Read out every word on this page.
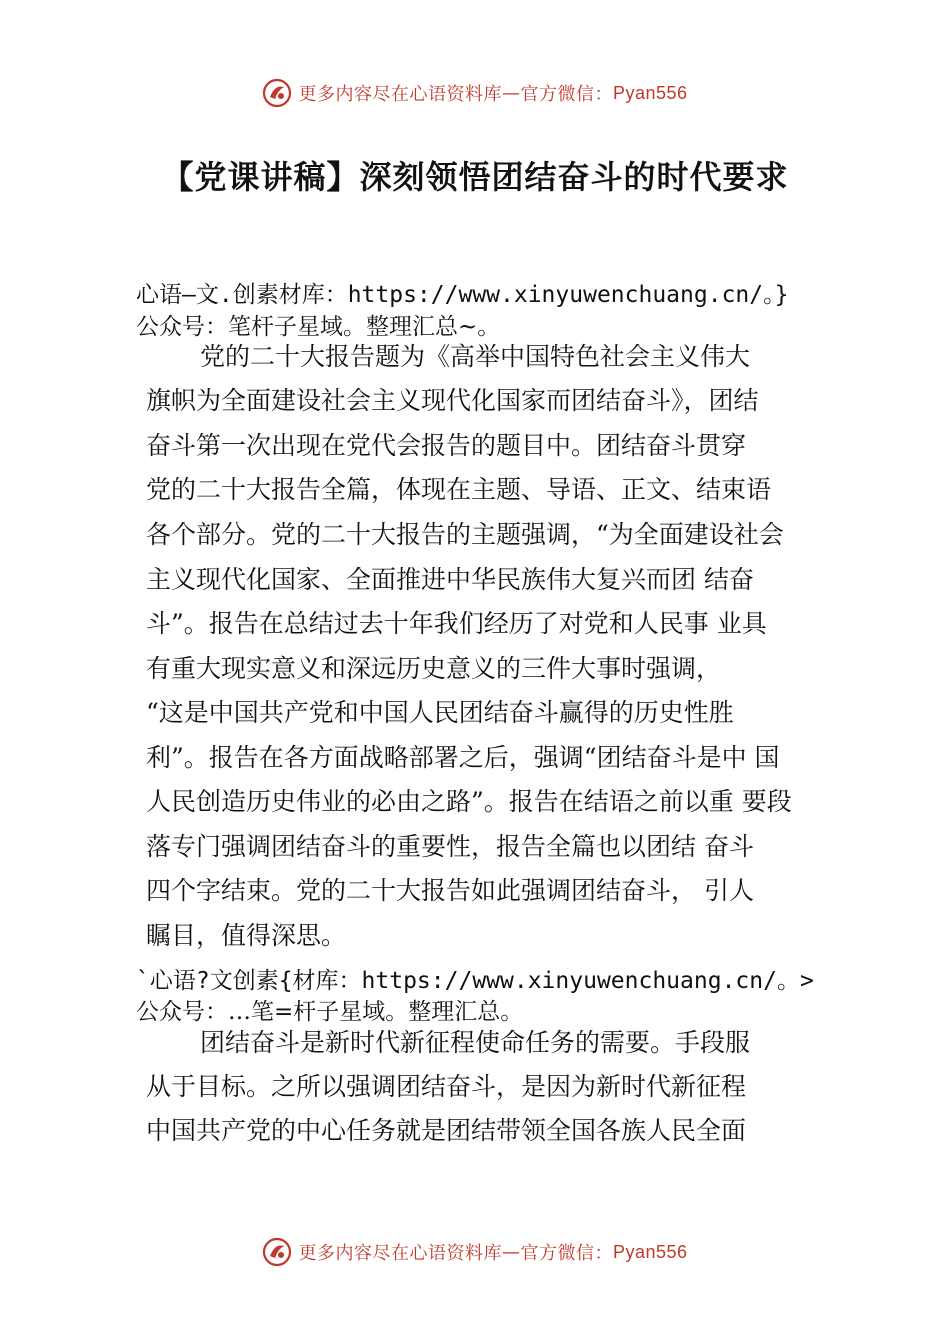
更多内容尽在心语资料库 — 官方微信： Pyan556
【党课讲稿】深刻领悟团结奋斗的时代要求
心语—文.创素材库：https://www.xinyuwenchuang.cn/。}
公众号：笔杆子星域。整理汇总~。
党的二十大报告题为《高举中国特色社会主义伟大
旗帜为全面建设社会主义现代化国家而团结奋斗》，团结
奋斗第一次出现在党代会报告的题目中。团结奋斗贯穿
党的二十大报告全篇，体现在主题、导语、正文、结束语
各个部分。党的二十大报告的主题强调，“为全面建设社会
主义现代化国家、全面推进中华民族伟大复兴而团 结奋
斗”。报告在总结过去十年我们经历了对党和人民事 业具
有重大现实意义和深远历史意义的三件大事时强调，
“这是中国共产党和中国人民团结奋斗赢得的历史性胜
利”。报告在各方面战略部署之后，强调“团结奋斗是中 国
人民创造历史伟业的必由之路”。报告在结语之前以重 要段
落专门强调团结奋斗的重要性，报告全篇也以团结 奋斗
四个字结束。党的二十大报告如此强调团结奋斗， 引人
瞩目，值得深思。
`心语?文创素{材库：https://www.xinyuwenchuang.cn/。>
公众号：…笔=杆子星域。整理汇总。
团结奋斗是新时代新征程使命任务的需要。手段服
从于目标。之所以强调团结奋斗，是因为新时代新征程
中国共产党的中心任务就是团结带领全国各族人民全面
更多内容尽在心语资料库 — 官方微信： Pyan556
